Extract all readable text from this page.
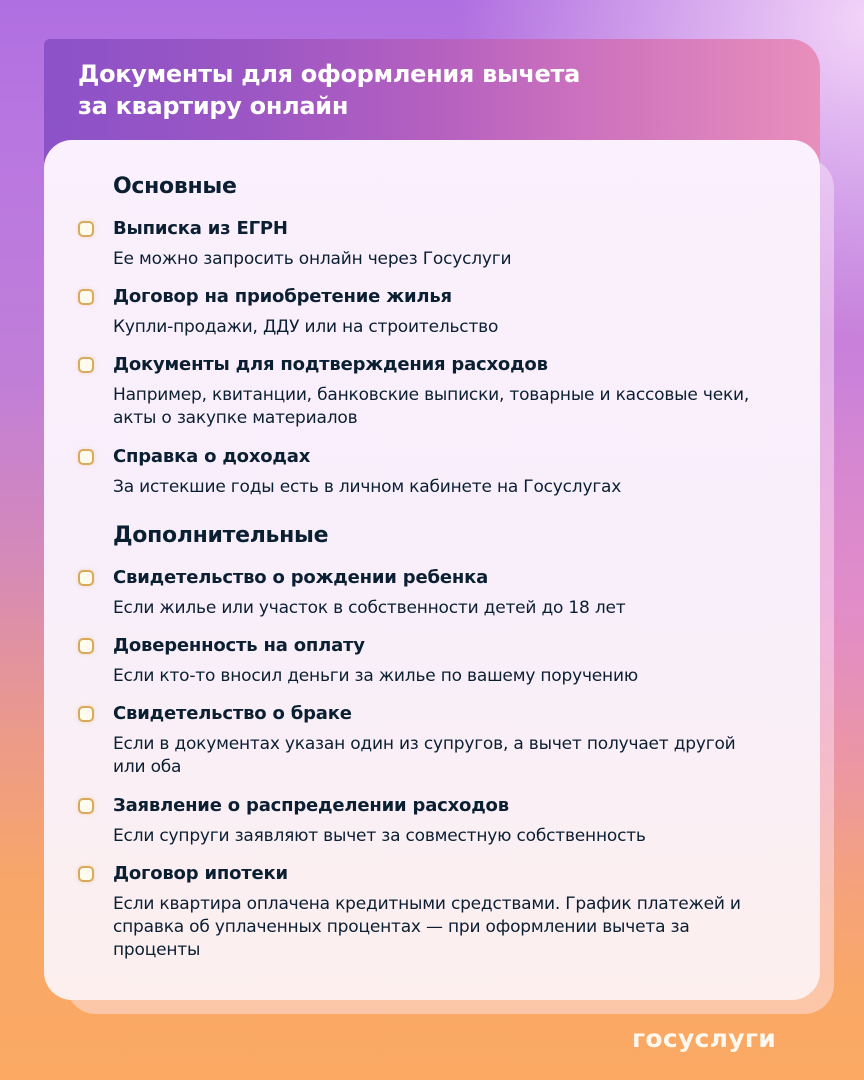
Документы для оформления вычета
за квартиру онлайн
Основные
Выписка из ЕГРН
Ее можно запросить онлайн через Госуслуги
Договор на приобретение жилья
Купли-продажи, ДДУ или на строительство
Документы для подтверждения расходов
Например, квитанции, банковские выписки, товарные и кассовые чеки, акты о закупке материалов
Справка о доходах
За истекшие годы есть в личном кабинете на Госуслугах
Дополнительные
Свидетельство о рождении ребенка
Если жилье или участок в собственности детей до 18 лет
Доверенность на оплату
Если кто-то вносил деньги за жилье по вашему поручению
Свидетельство о браке
Если в документах указан один из супругов, а вычет получает другой или оба
Заявление о распределении расходов
Если супруги заявляют вычет за совместную собственность
Договор ипотеки
Если квартира оплачена кредитными средствами. График платежей и справка об уплаченных процентах — при оформлении вычета за проценты
госуслуги
